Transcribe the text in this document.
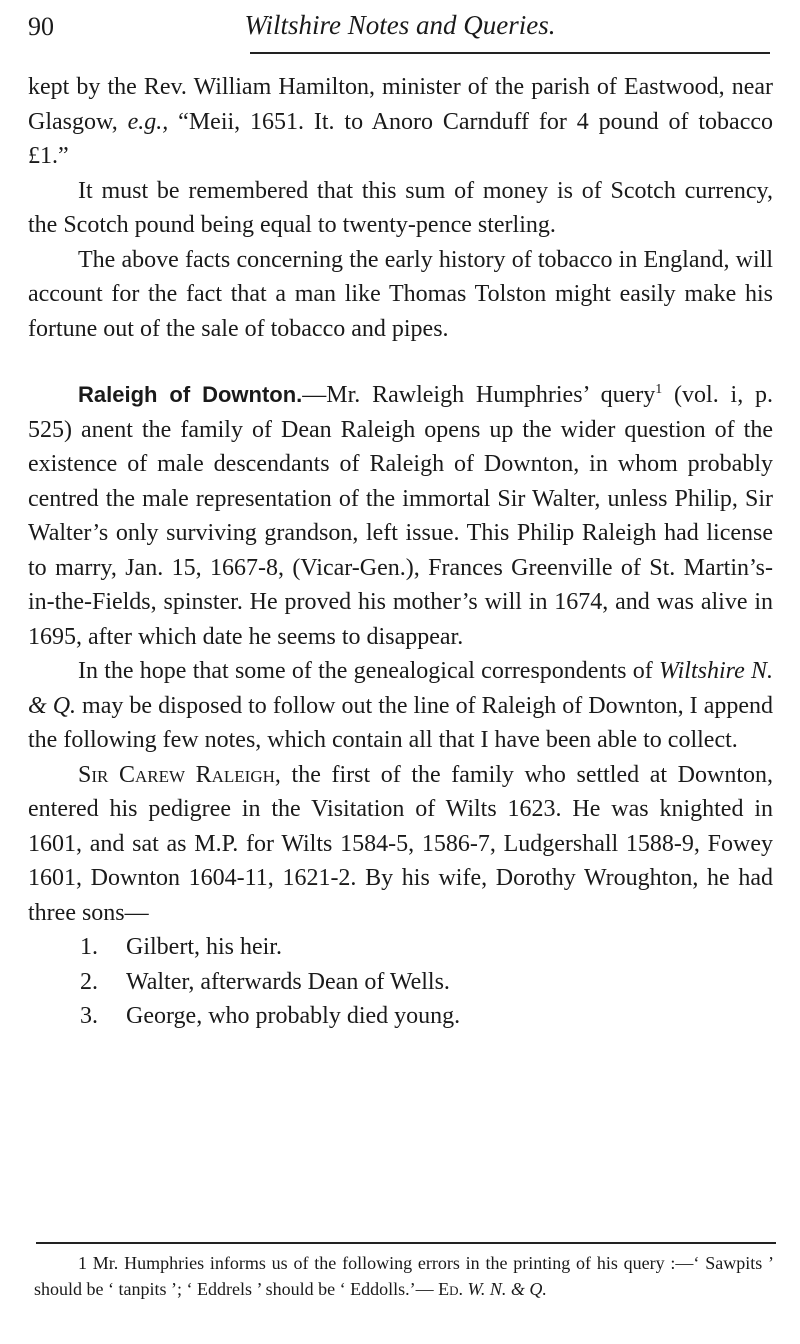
90	Wiltshire Notes and Queries.

kept by the Rev. William Hamilton, minister of the parish of Eastwood, near Glasgow, e.g., “Meii, 1651. It. to Anoro Carnduff for 4 pound of tobacco £1.”

It must be remembered that this sum of money is of Scotch currency, the Scotch pound being equal to twenty-pence sterling.

The above facts concerning the early history of tobacco in England, will account for the fact that a man like Thomas Tolston might easily make his fortune out of the sale of tobacco and pipes.

Raleigh of Downton.—Mr. Rawleigh Humphries’ query$^1$ (vol. i, p. 525) anent the family of Dean Raleigh opens up the wider question of the existence of male descendants of Raleigh of Downton, in whom probably centred the male representation of the immortal Sir Walter, unless Philip, Sir Walter’s only surviving grandson, left issue. This Philip Raleigh had license to marry, Jan. 15, 1667-8, (Vicar-Gen.), Frances Greenville of St. Martin’s-in-the-Fields, spinster. He proved his mother’s will in 1674, and was alive in 1695, after which date he seems to disappear.

In the hope that some of the genealogical correspondents of Wiltshire N. & Q. may be disposed to follow out the line of Raleigh of Downton, I append the following few notes, which contain all that I have been able to collect.

Sir Carew Raleigh, the first of the family who settled at Downton, entered his pedigree in the Visitation of Wilts 1623. He was knighted in 1601, and sat as M.P. for Wilts 1584-5, 1586-7, Ludgershall 1588-9, Fowey 1601, Downton 1604-11, 1621-2. By his wife, Dorothy Wroughton, he had three sons—

1.	Gilbert, his heir.
2.	Walter, afterwards Dean of Wells.
3.	George, who probably died young.

1 Mr. Humphries informs us of the following errors in the printing of his query :—‘ Sawpits ’ should be ‘ tanpits ’; ‘ Eddrels ’ should be ‘ Eddolls.’— Ed. W. N. & Q.
